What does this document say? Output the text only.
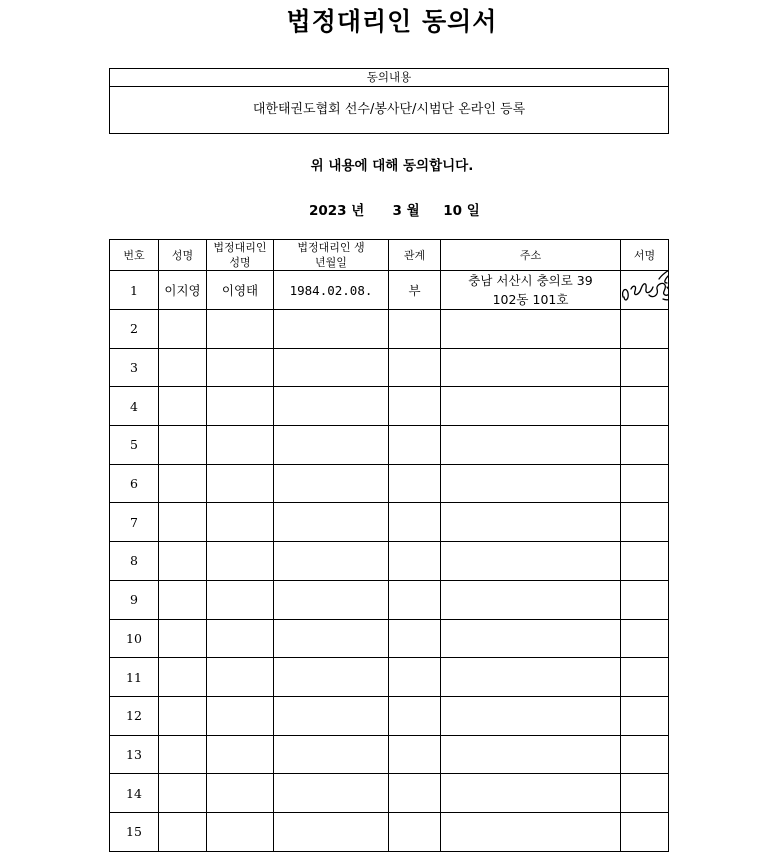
법정대리인 동의서
동의내용
대한태권도협회 선수/봉사단/시범단 온라인 등록
위 내용에 대해 동의합니다.
2023 년 3 월 10 일
번호	성명	법정대리인 성명	법정대리인 생년월일	관계	주소	서명
1	이지영	이영태	1984.02.08.	부	충남 서산시 충의로 39
102동 101호

2						
3						
4						
5						
6						
7						
8						
9						
10						
11						
12						
13						
14						
15						
